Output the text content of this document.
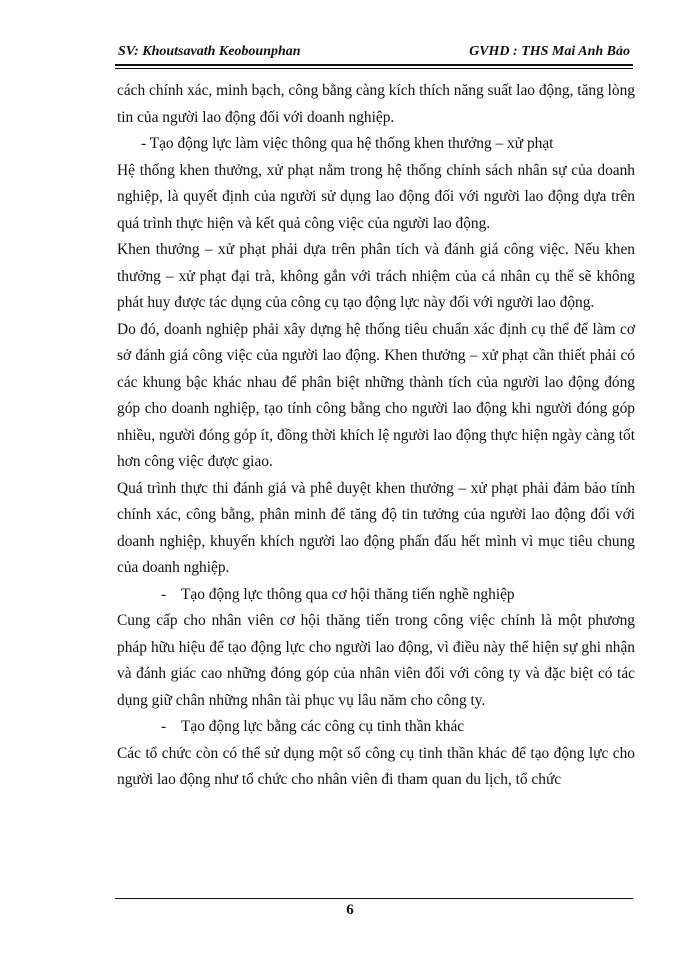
SV: Khoutsavath Keobounphan	GVHD : THS Mai Anh Bảo

cách chính xác, minh bạch, công bằng càng kích thích năng suất lao động, tăng lòng tin của người lao động đối với doanh nghiệp.

- Tạo động lực làm việc thông qua hệ thống khen thưởng – xử phạt

Hệ thống khen thưởng, xử phạt nằm trong hệ thống chính sách nhân sự của doanh nghiệp, là quyết định của người sử dụng lao động đối với người lao động dựa trên quá trình thực hiện và kết quả công việc của người lao động.

Khen thưởng – xử phạt phải dựa trên phân tích và đánh giá công việc. Nếu khen thưởng – xử phạt đại trà, không gắn với trách nhiệm của cá nhân cụ thể sẽ không phát huy được tác dụng của công cụ tạo động lực này đối với người lao động.

Do đó, doanh nghiệp phải xây dựng hệ thống tiêu chuẩn xác định cụ thể để làm cơ sở đánh giá công việc của người lao động. Khen thưởng – xử phạt cần thiết phải có các khung bậc khác nhau để phân biệt những thành tích của người lao động đóng góp cho doanh nghiệp, tạo tính công bằng cho người lao động khi người đóng góp nhiều, người đóng góp ít, đồng thời khích lệ người lao động thực hiện ngày càng tốt hơn công việc được giao.

Quá trình thực thi đánh giá và phê duyệt khen thưởng – xử phạt phải đảm bảo tính chính xác, công bằng, phân minh để tăng độ tin tưởng của người lao động đối với doanh nghiệp, khuyến khích người lao động phấn đấu hết mình vì mục tiêu chung của doanh nghiệp.

- Tạo động lực thông qua cơ hội thăng tiến nghề nghiệp

Cung cấp cho nhân viên cơ hội thăng tiến trong công việc chính là một phương pháp hữu hiệu để tạo động lực cho người lao động, vì điều này thể hiện sự ghi nhận và đánh giác cao những đóng góp của nhân viên đối với công ty và đặc biệt có tác dụng giữ chân những nhân tài phục vụ lâu năm cho công ty.

- Tạo động lực bằng các công cụ tinh thần khác

Các tổ chức còn có thể sử dụng một số công cụ tinh thần khác để tạo động lực cho người lao động như tổ chức cho nhân viên đi tham quan du lịch, tổ chức

6
